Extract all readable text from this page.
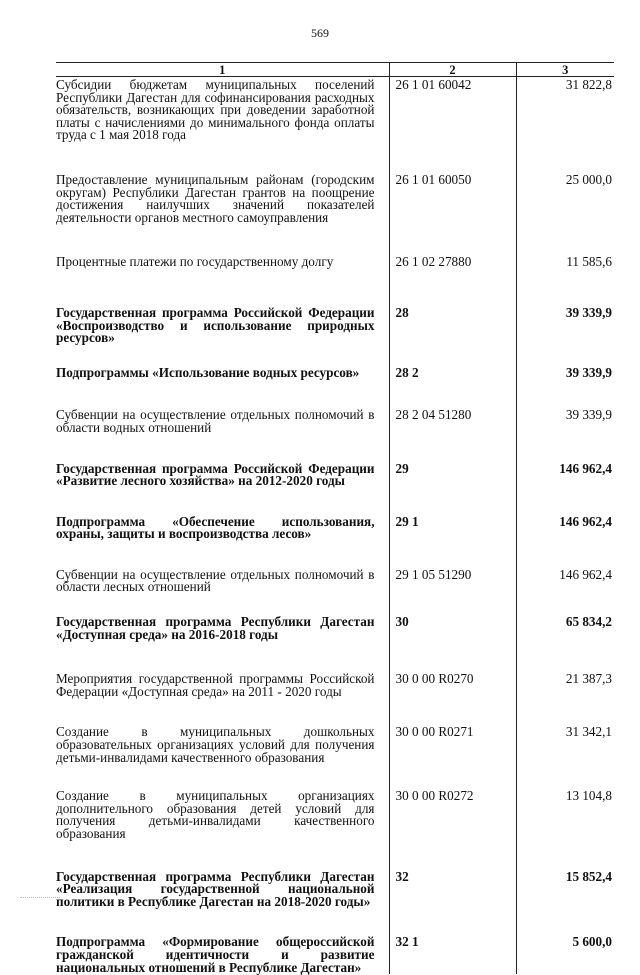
569
1	2	3
Субсидии бюджетам муниципальных поселений Республики Дагестан для софинансирования расходных обязательств, возникающих при доведении заработной платы с начислениями до минимального фонда оплаты труда с 1 мая 2018 года	26 1 01 60042	31 822,8
Предоставление муниципальным районам (городским округам) Республики Дагестан грантов на поощрение достижения наилучших значений показателей деятельности органов местного самоуправления	26 1 01 60050	25 000,0
Процентные платежи по государственному долгу	26 1 02 27880	11 585,6
Государственная программа Российской Федерации «Воспроизводство и использование природных ресурсов»	28	39 339,9
Подпрограммы «Использование водных ресурсов»	28 2	39 339,9
Субвенции на осуществление отдельных полномочий в области водных отношений	28 2 04 51280	39 339,9
Государственная программа Российской Федерации «Развитие лесного хозяйства» на 2012-2020 годы	29	146 962,4
Подпрограмма «Обеспечение использования, охраны, защиты и воспроизводства лесов»	29 1	146 962,4
Субвенции на осуществление отдельных полномочий в области лесных отношений	29 1 05 51290	146 962,4
Государственная программа Республики Дагестан «Доступная среда» на 2016-2018 годы	30	65 834,2
Мероприятия государственной программы Российской Федерации «Доступная среда» на 2011 - 2020 годы	30 0 00 R0270	21 387,3
Создание в муниципальных дошкольных образовательных организациях условий для получения детьми-инвалидами качественного образования	30 0 00 R0271	31 342,1
Создание в муниципальных организациях дополнительного образования детей условий для получения детьми-инвалидами качественного образования	30 0 00 R0272	13 104,8
Государственная программа Республики Дагестан «Реализация государственной национальной политики в Республике Дагестан на 2018-2020 годы»	32	15 852,4
Подпрограмма «Формирование общероссийской гражданской идентичности и развитие национальных отношений в Республике Дагестан»	32 1	5 600,0
